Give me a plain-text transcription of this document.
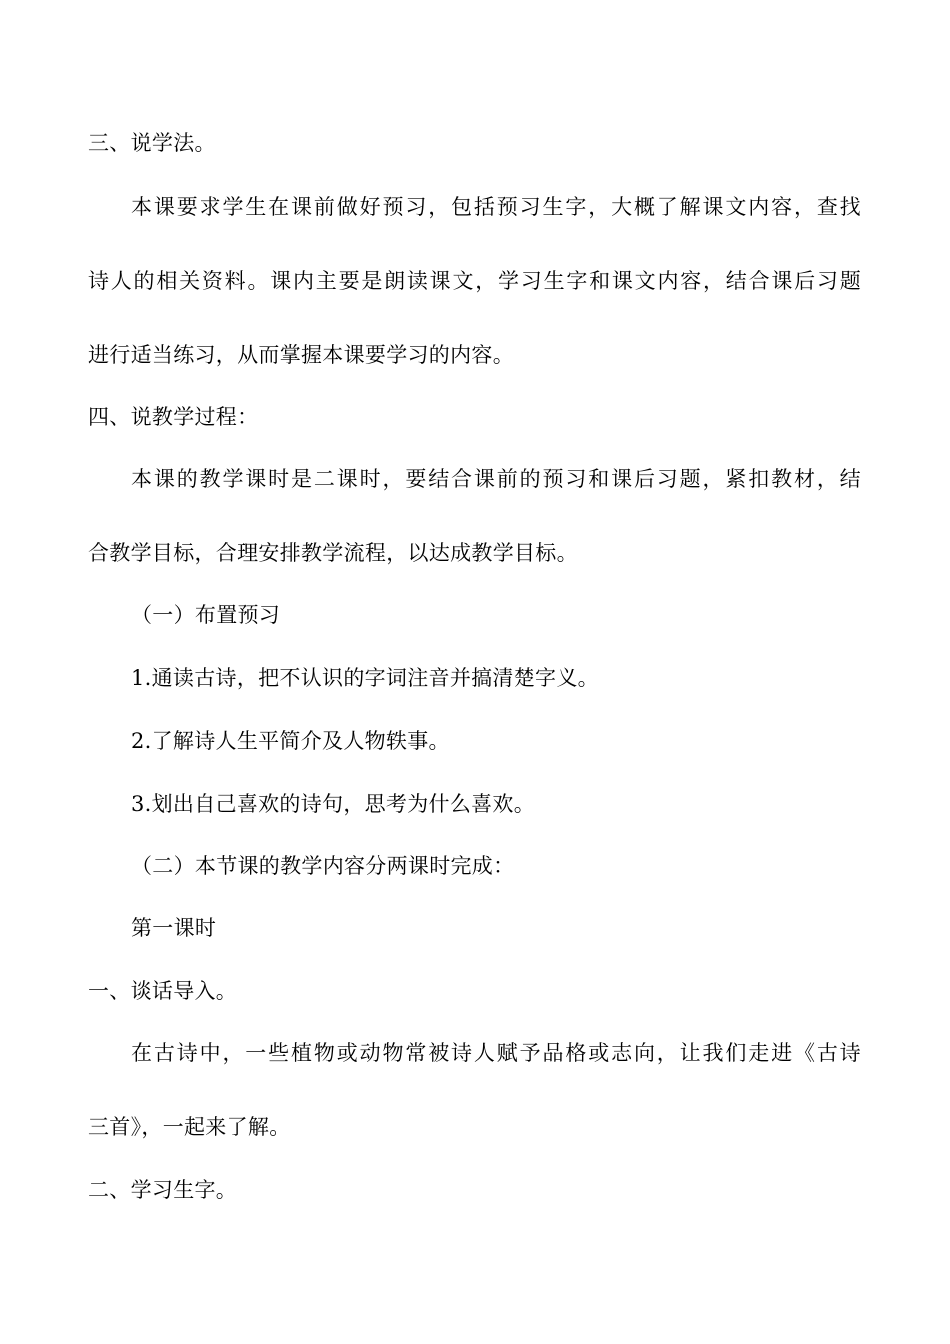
三、说学法。
本课要求学生在课前做好预习，包括预习生字，大概了解课文内容，查找
诗人的相关资料。课内主要是朗读课文，学习生字和课文内容，结合课后习题
进行适当练习，从而掌握本课要学习的内容。
四、说教学过程：
本课的教学课时是二课时，要结合课前的预习和课后习题，紧扣教材，结
合教学目标，合理安排教学流程，以达成教学目标。
（一）布置预习
1.通读古诗，把不认识的字词注音并搞清楚字义。
2.了解诗人生平简介及人物轶事。
3.划出自己喜欢的诗句，思考为什么喜欢。
（二）本节课的教学内容分两课时完成：
第一课时
一、谈话导入。
在古诗中，一些植物或动物常被诗人赋予品格或志向，让我们走进《古诗
三首》，一起来了解。
二、学习生字。
